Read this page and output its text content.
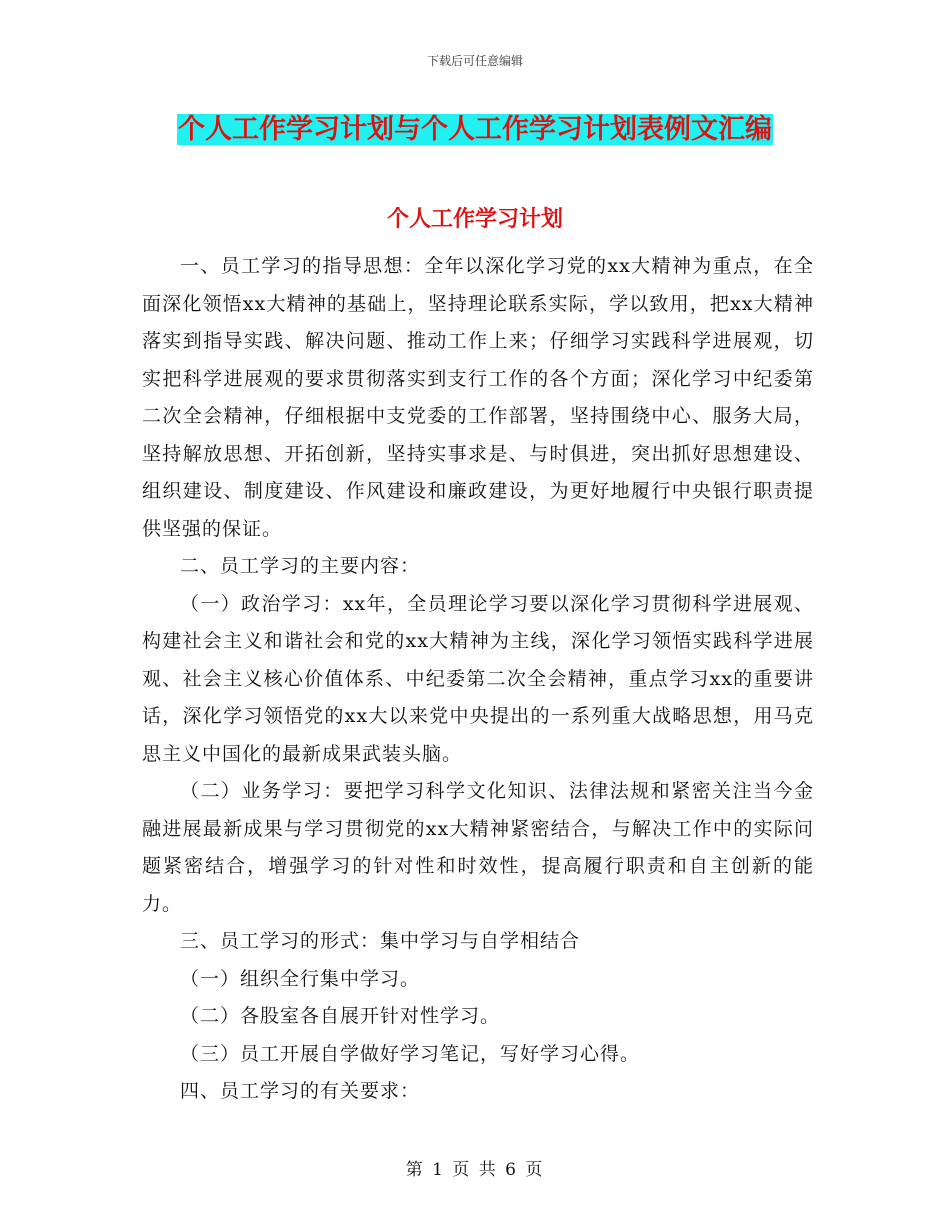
下载后可任意编辑
个人工作学习计划与个人工作学习计划表例文汇编
个人工作学习计划

一、员工学习的指导思想：全年以深化学习党的xx大精神为重点，在全面深化领悟xx大精神的基础上，坚持理论联系实际，学以致用，把xx大精神落实到指导实践、解决问题、推动工作上来；仔细学习实践科学进展观，切实把科学进展观的要求贯彻落实到支行工作的各个方面；深化学习中纪委第二次全会精神，仔细根据中支党委的工作部署，坚持围绕中心、服务大局，坚持解放思想、开拓创新，坚持实事求是、与时俱进，突出抓好思想建设、组织建设、制度建设、作风建设和廉政建设，为更好地履行中央银行职责提供坚强的保证。

二、员工学习的主要内容：

（一）政治学习：xx年，全员理论学习要以深化学习贯彻科学进展观、构建社会主义和谐社会和党的xx大精神为主线，深化学习领悟实践科学进展观、社会主义核心价值体系、中纪委第二次全会精神，重点学习xx的重要讲话，深化学习领悟党的xx大以来党中央提出的一系列重大战略思想，用马克思主义中国化的最新成果武装头脑。

（二）业务学习：要把学习科学文化知识、法律法规和紧密关注当今金融进展最新成果与学习贯彻党的xx大精神紧密结合，与解决工作中的实际问题紧密结合，增强学习的针对性和时效性，提高履行职责和自主创新的能力。

三、员工学习的形式：集中学习与自学相结合

（一）组织全行集中学习。

（二）各股室各自展开针对性学习。

（三）员工开展自学做好学习笔记，写好学习心得。

四、员工学习的有关要求：

第 1 页 共 6 页
